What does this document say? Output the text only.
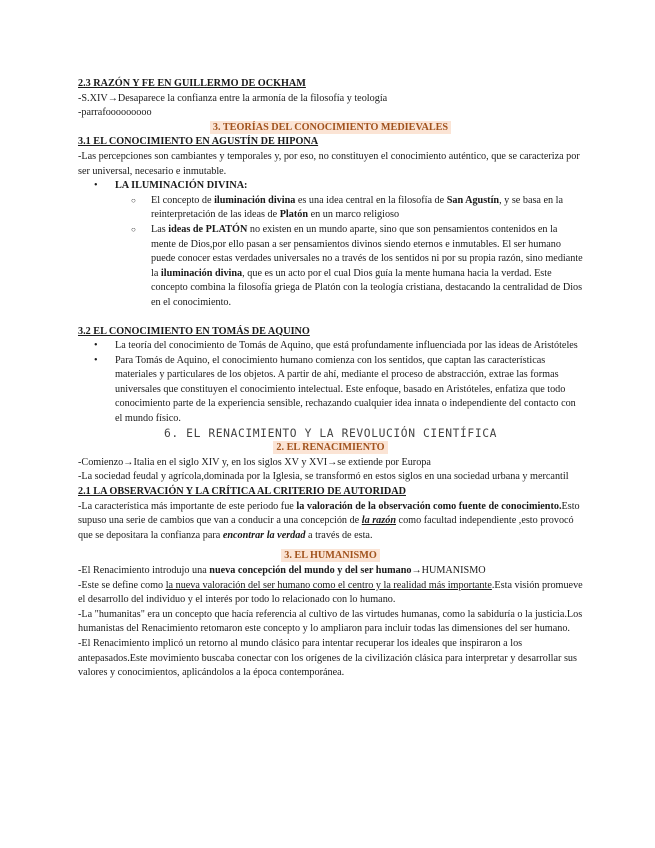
2.3 RAZÓN Y FE EN GUILLERMO DE OCKHAM

-S.XIV→Desaparece la confianza entre la armonía de la filosofía y teología

-parrafooooooooo

3. TEORÍAS DEL CONOCIMIENTO MEDIEVALES

3.1 EL CONOCIMIENTO EN AGUSTÍN DE HIPONA

-Las percepciones son cambiantes y temporales y, por eso, no constituyen el conocimiento auténtico, que se caracteriza por ser universal, necesario e inmutable.

• LA ILUMINACIÓN DIVINA:
○ El concepto de iluminación divina es una idea central en la filosofía de San Agustín, y se basa en la reinterpretación de las ideas de Platón en un marco religioso
○ Las ideas de PLATÓN no existen en un mundo aparte, sino que son pensamientos contenidos en la mente de Dios,por ello pasan a ser pensamientos divinos siendo eternos e inmutables. El ser humano puede conocer estas verdades universales no a través de los sentidos ni por su propia razón, sino mediante la iluminación divina, que es un acto por el cual Dios guía la mente humana hacia la verdad. Este concepto combina la filosofía griega de Platón con la teología cristiana, destacando la centralidad de Dios en el conocimiento.

3.2 EL CONOCIMIENTO EN TOMÁS DE AQUINO

• La teoría del conocimiento de Tomás de Aquino, que está profundamente influenciada por las ideas de Aristóteles
• Para Tomás de Aquino, el conocimiento humano comienza con los sentidos, que captan las características materiales y particulares de los objetos. A partir de ahí, mediante el proceso de abstracción, extrae las formas universales que constituyen el conocimiento intelectual. Este enfoque, basado en Aristóteles, enfatiza que todo conocimiento parte de la experiencia sensible, rechazando cualquier idea innata o independiente del contacto con el mundo físico.

6. EL RENACIMIENTO Y LA REVOLUCIÓN CIENTÍFICA

2. EL RENACIMIENTO

-Comienzo→Italia en el siglo XIV y, en los siglos XV y XVI→se extiende por Europa

-La sociedad feudal y agrícola,dominada por la Iglesia, se transformó en estos siglos en una sociedad urbana y mercantil

2.1 LA OBSERVACIÓN Y LA CRÍTICA AL CRITERIO DE AUTORIDAD

-La característica más importante de este periodo fue la valoración de la observación como fuente de conocimiento.Esto supuso una serie de cambios que van a conducir a una concepción de la razón como facultad independiente ,esto provocó que se depositara la confianza para encontrar la verdad a través de esta.

3. EL HUMANISMO

-El Renacimiento introdujo una nueva concepción del mundo y del ser humano→HUMANISMO

-Este se define como la nueva valoración del ser humano como el centro y la realidad más importante.Esta visión promueve el desarrollo del individuo y el interés por todo lo relacionado con lo humano.

-La "humanitas" era un concepto que hacía referencia al cultivo de las virtudes humanas, como la sabiduría o la justicia.Los humanistas del Renacimiento retomaron este concepto y lo ampliaron para incluir todas las dimensiones del ser humano.

-El Renacimiento implicó un retorno al mundo clásico para intentar recuperar los ideales que inspiraron a los antepasados.Este movimiento buscaba conectar con los orígenes de la civilización clásica para interpretar y desarrollar sus valores y conocimientos, aplicándolos a la época contemporánea.
